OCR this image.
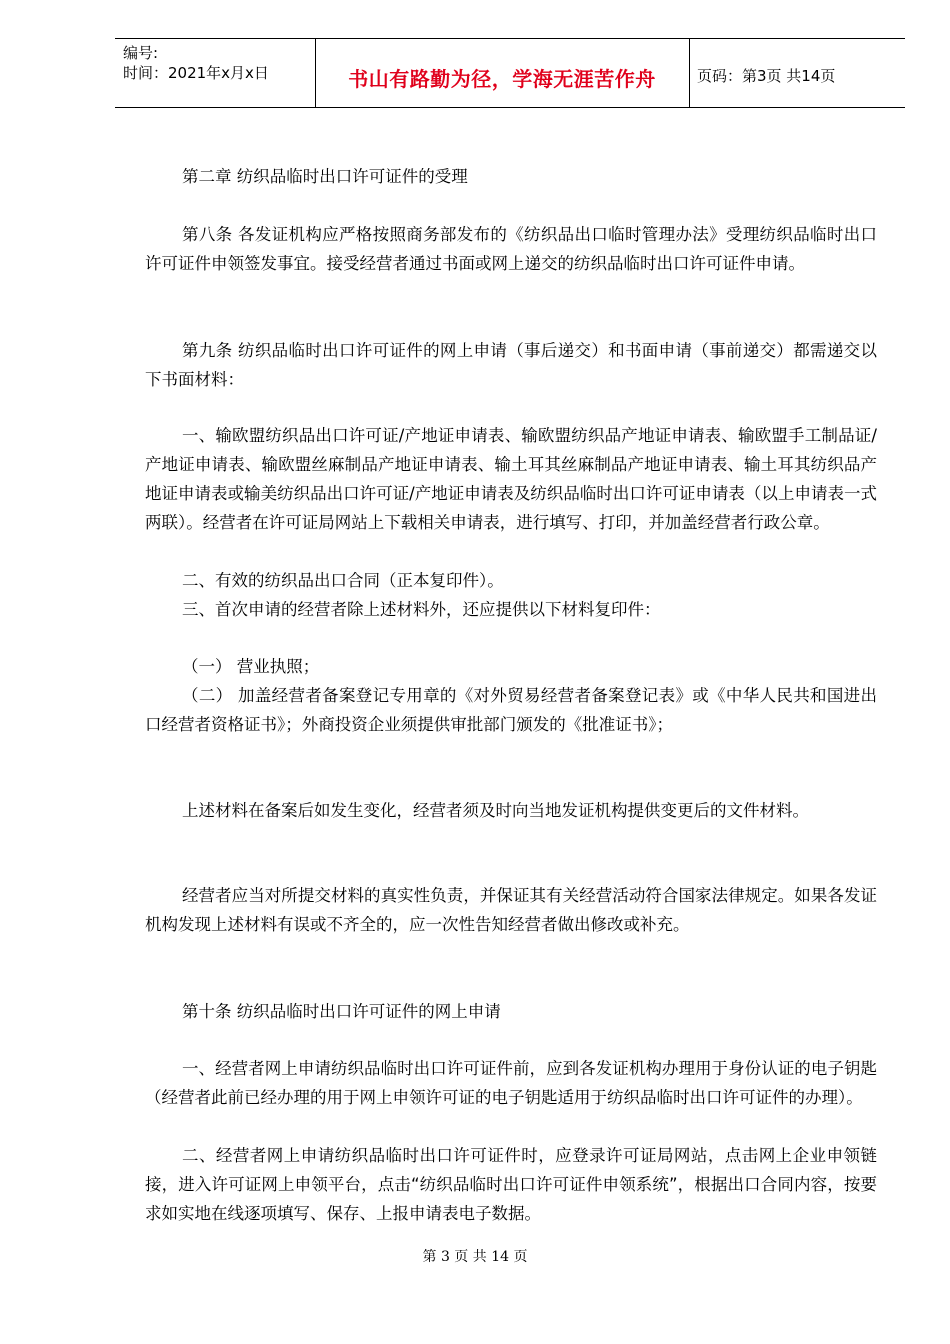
编号:
时间：2021年x月x日	书山有路勤为径，学海无涯苦作舟	页码：第3页 共14页

第二章 纺织品临时出口许可证件的受理

第八条 各发证机构应严格按照商务部发布的《纺织品出口临时管理办法》受理纺织品临时出口许可证件申领签发事宜。接受经营者通过书面或网上递交的纺织品临时出口许可证件申请。

第九条 纺织品临时出口许可证件的网上申请（事后递交）和书面申请（事前递交）都需递交以下书面材料：

一、输欧盟纺织品出口许可证/产地证申请表、输欧盟纺织品产地证申请表、输欧盟手工制品证/产地证申请表、输欧盟丝麻制品产地证申请表、输土耳其丝麻制品产地证申请表、输土耳其纺织品产地证申请表或输美纺织品出口许可证/产地证申请表及纺织品临时出口许可证申请表（以上申请表一式两联）。经营者在许可证局网站上下载相关申请表，进行填写、打印，并加盖经营者行政公章。

二、有效的纺织品出口合同（正本复印件）。

三、首次申请的经营者除上述材料外，还应提供以下材料复印件：

（一） 营业执照；

（二） 加盖经营者备案登记专用章的《对外贸易经营者备案登记表》或《中华人民共和国进出口经营者资格证书》；外商投资企业须提供审批部门颁发的《批准证书》；

上述材料在备案后如发生变化，经营者须及时向当地发证机构提供变更后的文件材料。

经营者应当对所提交材料的真实性负责，并保证其有关经营活动符合国家法律规定。如果各发证机构发现上述材料有误或不齐全的，应一次性告知经营者做出修改或补充。

第十条 纺织品临时出口许可证件的网上申请

一、经营者网上申请纺织品临时出口许可证件前，应到各发证机构办理用于身份认证的电子钥匙（经营者此前已经办理的用于网上申领许可证的电子钥匙适用于纺织品临时出口许可证件的办理）。

二、经营者网上申请纺织品临时出口许可证件时，应登录许可证局网站，点击网上企业申领链接，进入许可证网上申领平台，点击“纺织品临时出口许可证件申领系统”，根据出口合同内容，按要求如实地在线逐项填写、保存、上报申请表电子数据。

第 3 页 共 14 页
